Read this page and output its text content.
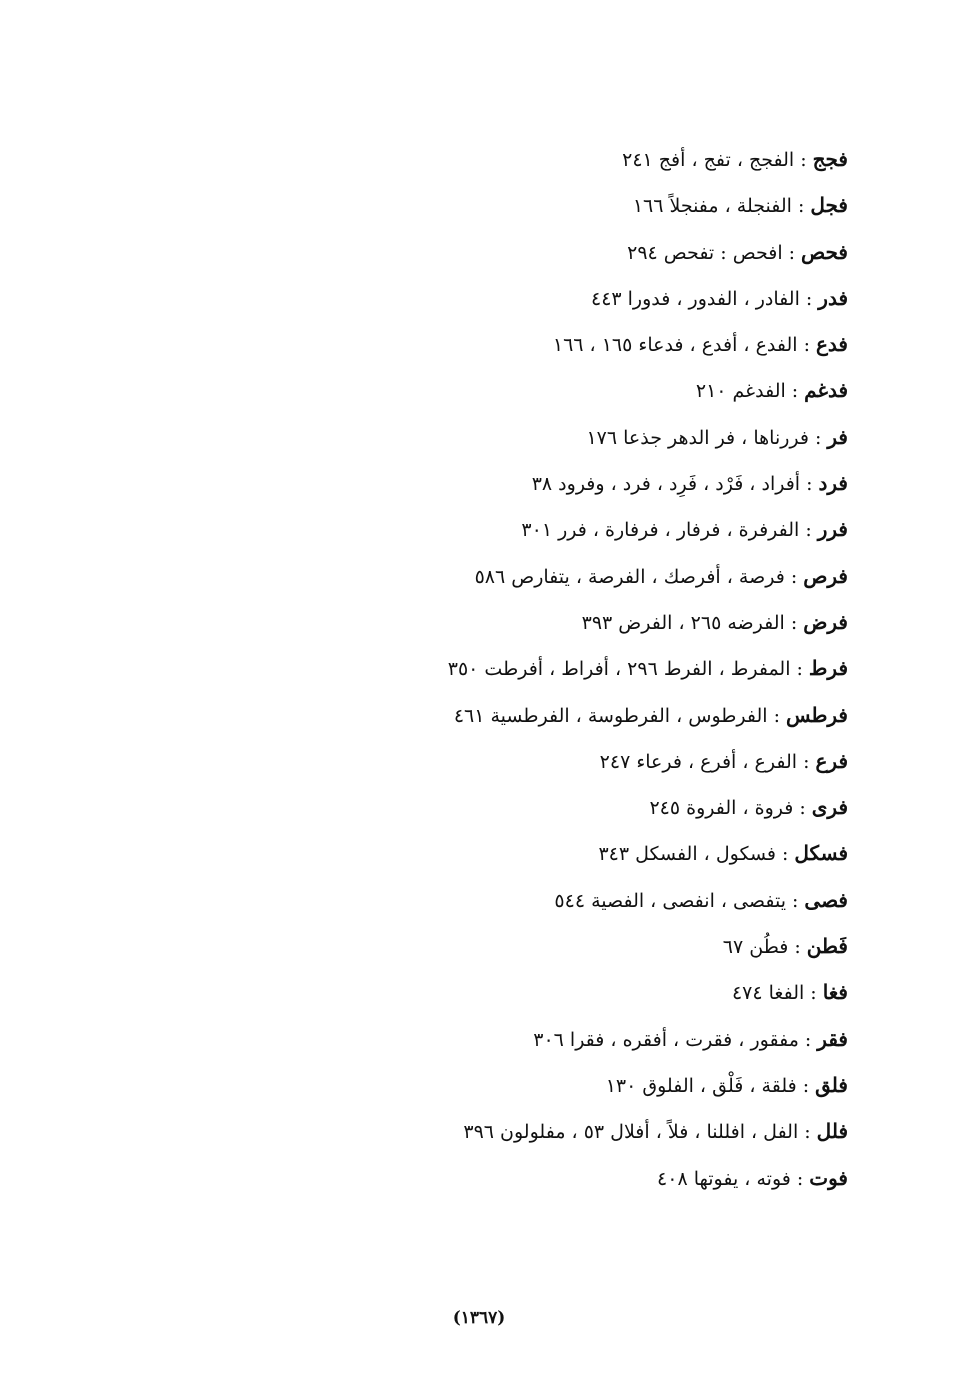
فجج:الفجج ، تفج ، أفج ٢٤١
فجل:الفنجلة ، مفنجلاً ١٦٦
فحص:افحص : تفحص ٢٩٤
فدر:الفادر ، الفدور ، فدورا ٤٤٣
فدع:الفدع ، أفدع ، فدعاء ١٦٥ ، ١٦٦
فدغم:الفدغم ٢١٠
فر:فررناها ، فر الدهر جذعا ١٧٦
فرد:أفراد ، فَرْد ، فَرِد ، فرد ، وفرود ٣٨
فرر:الفرفرة ، فرفار ، فرفارة ، فرر ٣٠١
فرص:فرصة ، أفرصك ، الفرصة ، يتفارص ٥٨٦
فرض:الفرضه ٢٦٥ ، الفرض ٣٩٣
فرط:المفرط ، الفرط ٢٩٦ ، أفراط ، أفرطت ٣٥٠
فرطس:الفرطوس ، الفرطوسة ، الفرطسية ٤٦١
فرع:الفرع ، أفرع ، فرعاء ٢٤٧
فرى:فروة ، الفروة ٢٤٥
فسكل:فسكول ، الفسكل ٣٤٣
فصى:يتفصى ، انفصى ، الفصية ٥٤٤
فَطن:فطُن ٦٧
فغا:الفغا ٤٧٤
فقر:مفقور ، فقرت ، أفقره ، فقرا ٣٠٦
فلق:فلقة ، فَلْق ، الفلوق ١٣٠
فلل:الفل ، افللنا ، فلاً ، أفلال ٥٣ ، مفلولون ٣٩٦
فوت:فوته ، يفوتها ٤٠٨
(١٣٦٧)
